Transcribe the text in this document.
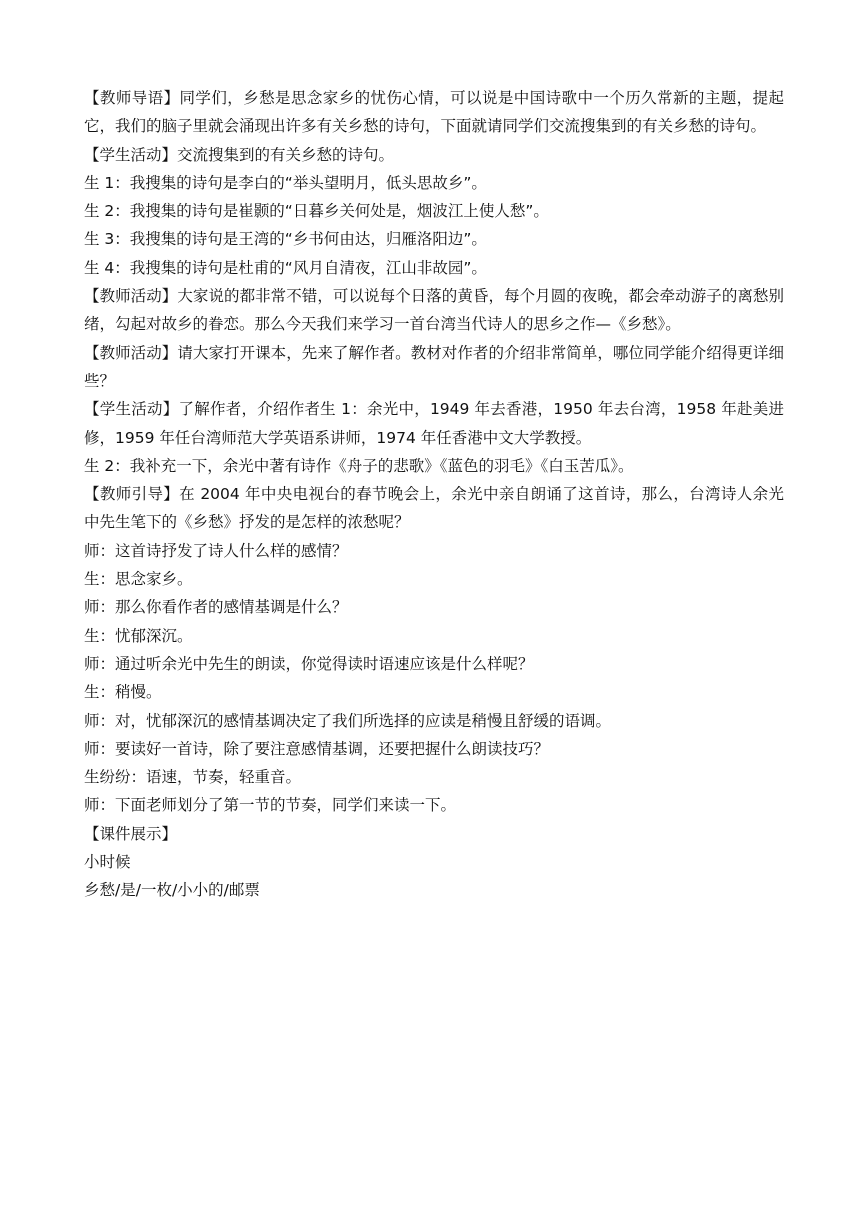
【教师导语】同学们，乡愁是思念家乡的忧伤心情，可以说是中国诗歌中一个历久常新的主题，提起它，我们的脑子里就会涌现出许多有关乡愁的诗句，下面就请同学们交流搜集到的有关乡愁的诗句。

【学生活动】交流搜集到的有关乡愁的诗句。

生 1：我搜集的诗句是李白的“举头望明月，低头思故乡”。

生 2：我搜集的诗句是崔颢的“日暮乡关何处是，烟波江上使人愁”。

生 3：我搜集的诗句是王湾的“乡书何由达，归雁洛阳边”。

生 4：我搜集的诗句是杜甫的“风月自清夜，江山非故园”。

【教师活动】大家说的都非常不错，可以说每个日落的黄昏，每个月圆的夜晚，都会牵动游子的离愁别绪，勾起对故乡的眷恋。那么今天我们来学习一首台湾当代诗人的思乡之作—《乡愁》。

【教师活动】请大家打开课本，先来了解作者。教材对作者的介绍非常简单，哪位同学能介绍得更详细些？

【学生活动】了解作者，介绍作者生 1：余光中，1949 年去香港，1950 年去台湾，1958 年赴美进修，1959 年任台湾师范大学英语系讲师，1974 年任香港中文大学教授。

生 2：我补充一下，余光中著有诗作《舟子的悲歌》《蓝色的羽毛》《白玉苦瓜》。

【教师引导】在 2004 年中央电视台的春节晚会上，余光中亲自朗诵了这首诗，那么，台湾诗人余光中先生笔下的《乡愁》抒发的是怎样的浓愁呢？

师：这首诗抒发了诗人什么样的感情？

生：思念家乡。

师：那么你看作者的感情基调是什么？

生：忧郁深沉。

师：通过听余光中先生的朗读，你觉得读时语速应该是什么样呢？

生：稍慢。

师：对，忧郁深沉的感情基调决定了我们所选择的应读是稍慢且舒缓的语调。

师：要读好一首诗，除了要注意感情基调，还要把握什么朗读技巧？

生纷纷：语速，节奏，轻重音。

师：下面老师划分了第一节的节奏，同学们来读一下。

【课件展示】

小时候

乡愁/是/一枚/小小的/邮票
